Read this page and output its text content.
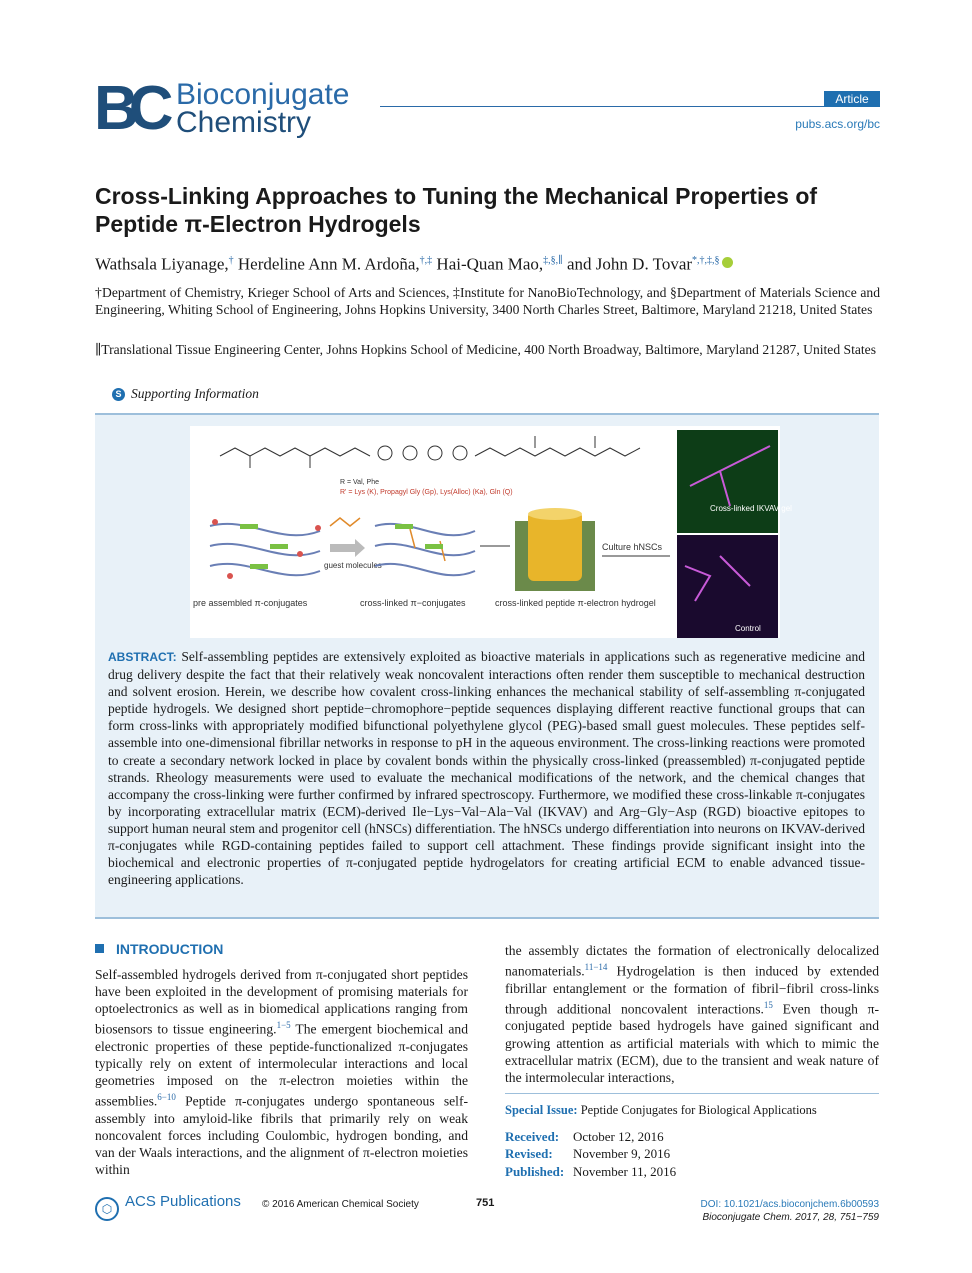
BC Bioconjugate
Chemistry
Article
pubs.acs.org/bc
Cross-Linking Approaches to Tuning the Mechanical Properties of
Peptide π-Electron Hydrogels
Wathsala Liyanage,† Herdeline Ann M. Ardoña,†,‡ Hai-Quan Mao,‡,§,∥ and John D. Tovar*,†,‡,§
†Department of Chemistry, Krieger School of Arts and Sciences, ‡Institute for NanoBioTechnology, and §Department of Materials Science and Engineering, Whiting School of Engineering, Johns Hopkins University, 3400 North Charles Street, Baltimore, Maryland 21218, United States
∥Translational Tissue Engineering Center, Johns Hopkins School of Medicine, 400 North Broadway, Baltimore, Maryland 21287, United States
S Supporting Information
R = Val, Phe
R' = Lys (K), Propagyl Gly (Gp), Lys(Alloc) (Ka), Gln (Q)
guest molecules
pre assembled π-conjugates	cross-linked π−conjugates	cross-linked peptide π-electron hydrogel
Culture hNSCs
Cross-linked IKVAV gel
Control
ABSTRACT: Self-assembling peptides are extensively exploited as bioactive materials in applications such as regenerative medicine and drug delivery despite the fact that their relatively weak noncovalent interactions often render them susceptible to mechanical destruction and solvent erosion. Herein, we describe how covalent cross-linking enhances the mechanical stability of self-assembling π-conjugated peptide hydrogels. We designed short peptide−chromophore−peptide sequences displaying different reactive functional groups that can form cross-links with appropriately modified bifunctional polyethylene glycol (PEG)-based small guest molecules. These peptides self-assemble into one-dimensional fibrillar networks in response to pH in the aqueous environment. The cross-linking reactions were promoted to create a secondary network locked in place by covalent bonds within the physically cross-linked (preassembled) π-conjugated peptide strands. Rheology measurements were used to evaluate the mechanical modifications of the network, and the chemical changes that accompany the cross-linking were further confirmed by infrared spectroscopy. Furthermore, we modified these cross-linkable π-conjugates by incorporating extracellular matrix (ECM)-derived Ile−Lys−Val−Ala−Val (IKVAV) and Arg−Gly−Asp (RGD) bioactive epitopes to support human neural stem and progenitor cell (hNSCs) differentiation. The hNSCs undergo differentiation into neurons on IKVAV-derived π-conjugates while RGD-containing peptides failed to support cell attachment. These findings provide significant insight into the biochemical and electronic properties of π-conjugated peptide hydrogelators for creating artificial ECM to enable advanced tissue-engineering applications.
INTRODUCTION
Self-assembled hydrogels derived from π-conjugated short peptides have been exploited in the development of promising materials for optoelectronics as well as in biomedical applications ranging from biosensors to tissue engineering.$^{1-5}$ The emergent biochemical and electronic properties of these peptide-functionalized π-conjugates typically rely on extent of intermolecular interactions and local geometries imposed on the π-electron moieties within the assemblies.$^{6-10}$ Peptide π-conjugates undergo spontaneous self-assembly into amyloid-like fibrils that primarily rely on weak noncovalent forces including Coulombic, hydrogen bonding, and van der Waals interactions, and the alignment of π-electron moieties within
the assembly dictates the formation of electronically delocalized nanomaterials.$^{11-14}$ Hydrogelation is then induced by extended fibrillar entanglement or the formation of fibril−fibril cross-links through additional noncovalent interactions.$^{15}$ Even though π-conjugated peptide based hydrogels have gained significant and growing attention as artificial materials with which to mimic the extracellular matrix (ECM), due to the transient and weak nature of the intermolecular interactions,
Special Issue: Peptide Conjugates for Biological Applications
Received: October 12, 2016
Revised: November 9, 2016
Published: November 11, 2016
⬡ ACS Publications © 2016 American Chemical Society	751	DOI: 10.1021/acs.bioconjchem.6b00593
Bioconjugate Chem. 2017, 28, 751−759
